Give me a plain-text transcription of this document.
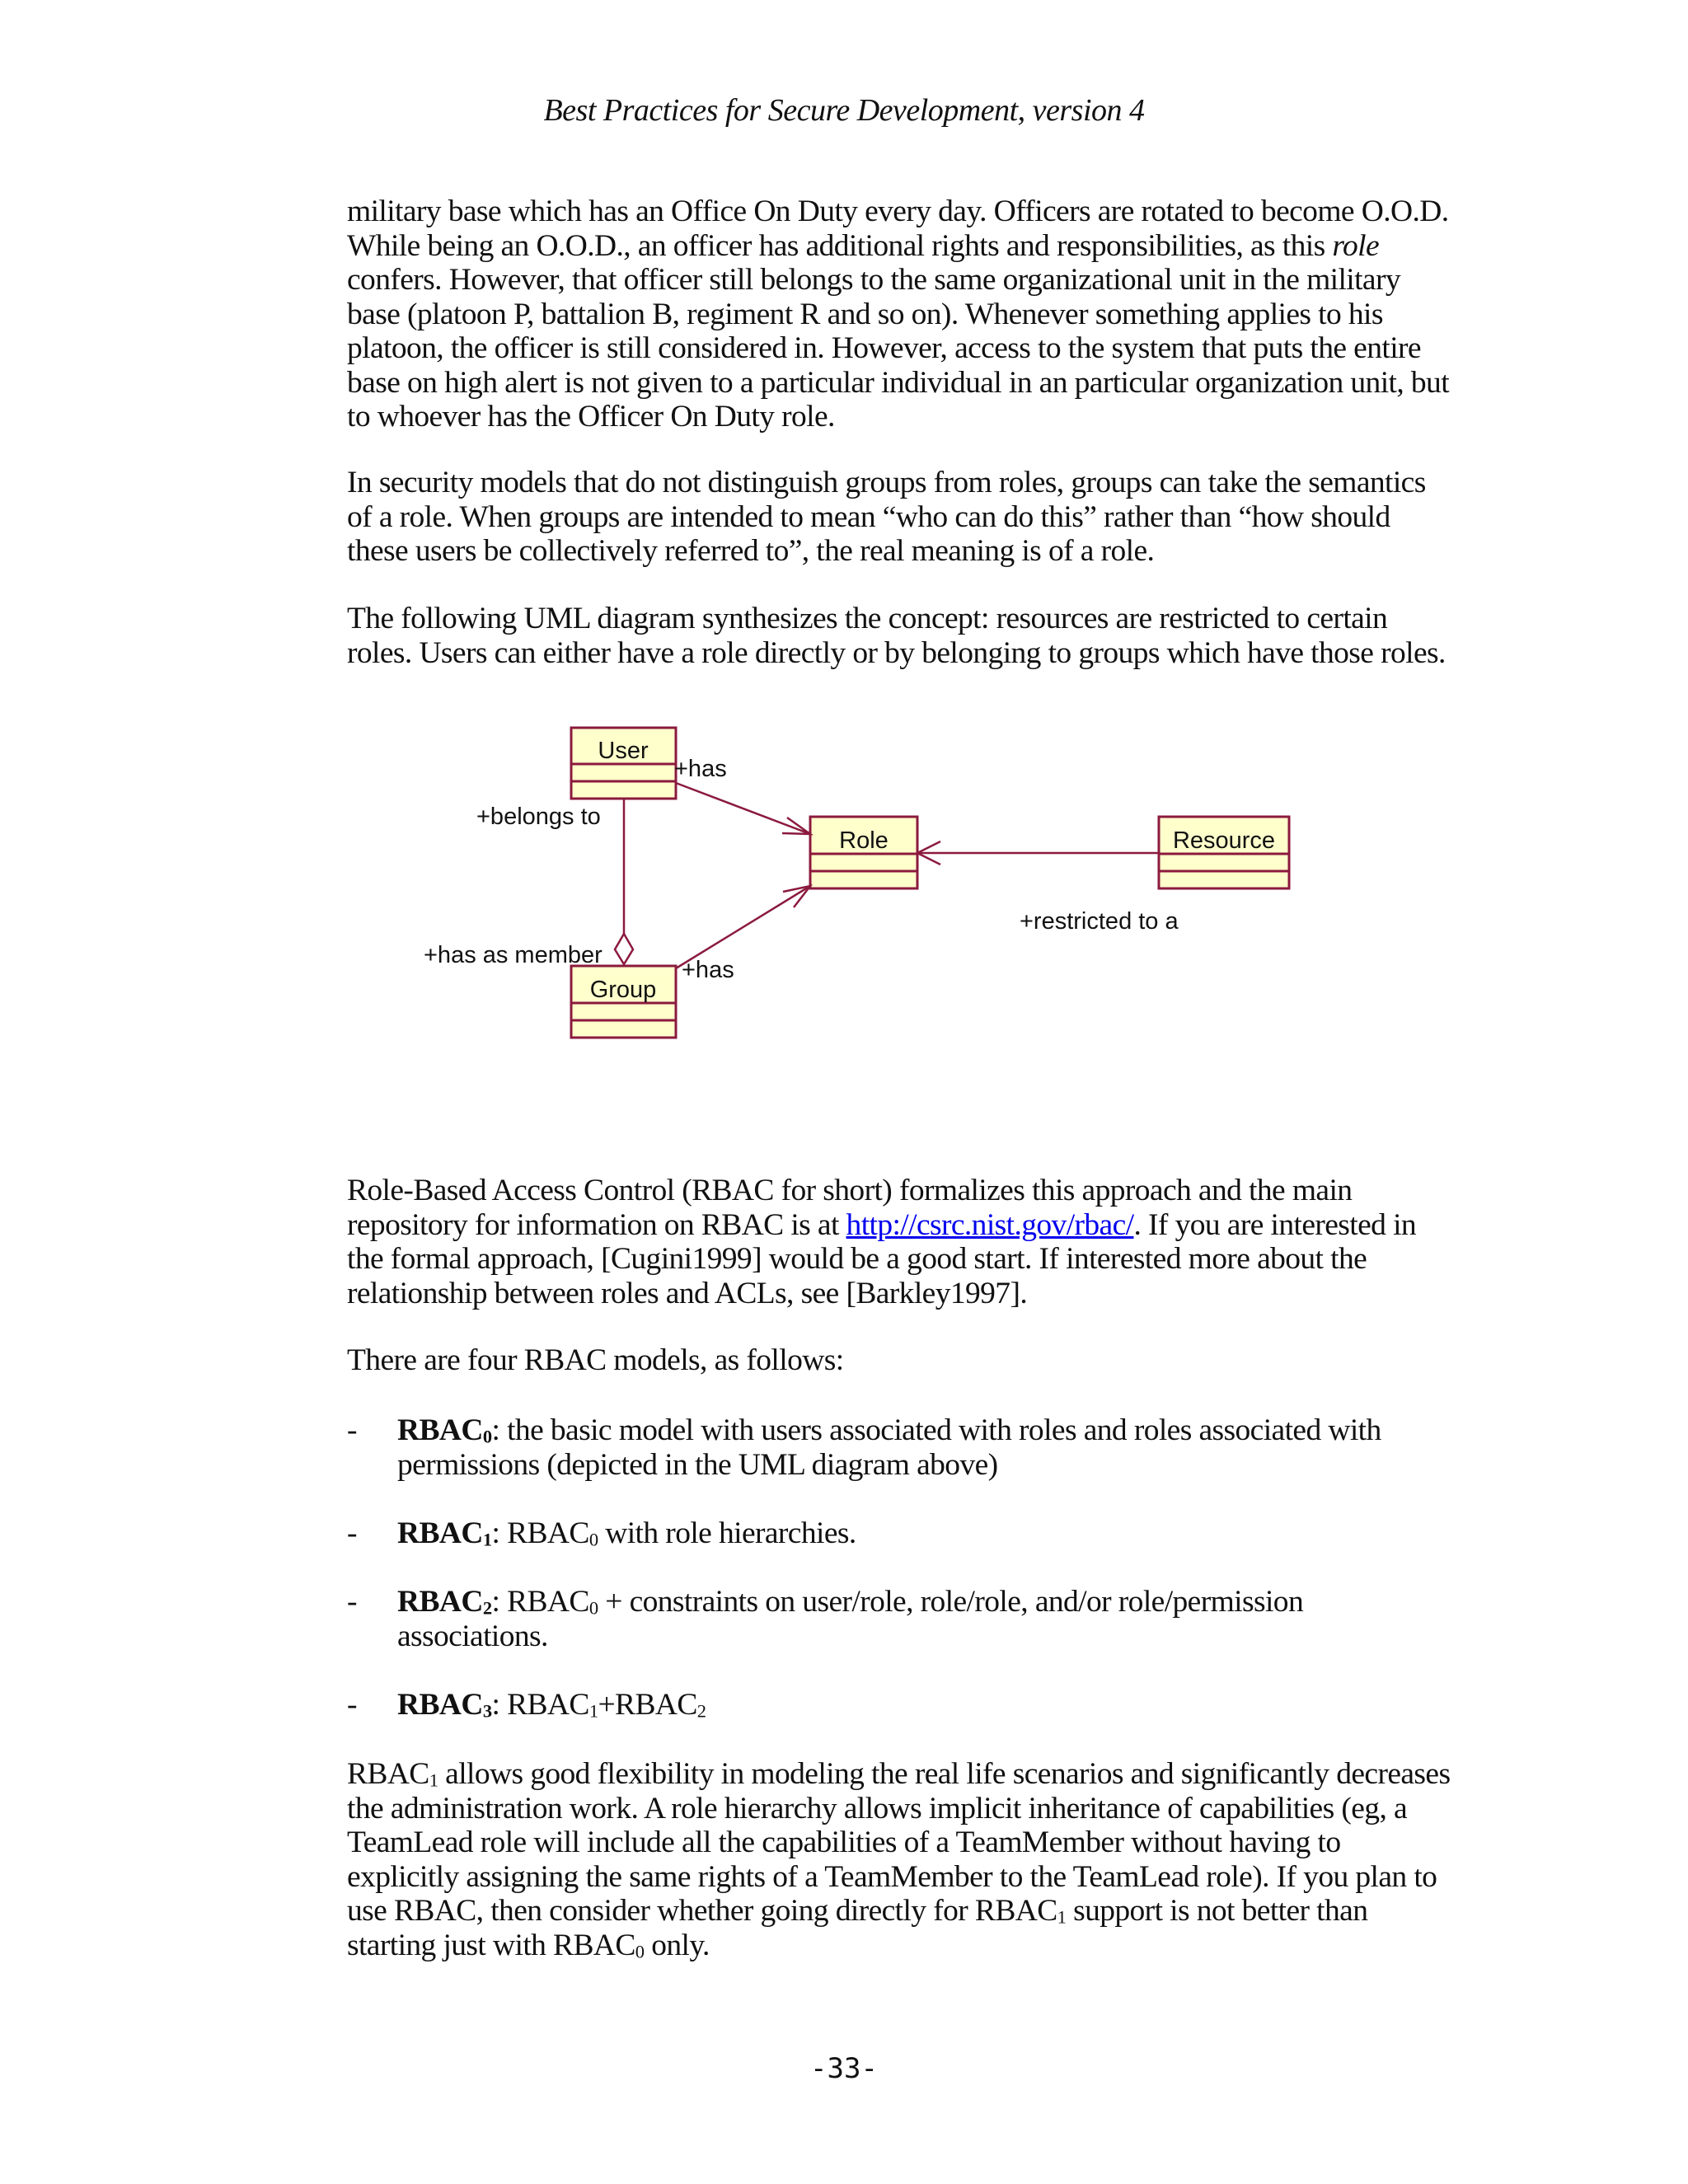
Best Practices for Secure Development, version 4

military base which has an Office On Duty every day. Officers are rotated to become O.O.D. While being an O.O.D., an officer has additional rights and responsibilities, as this role confers. However, that officer still belongs to the same organizational unit in the military base (platoon P, battalion B, regiment R and so on). Whenever something applies to his platoon, the officer is still considered in. However, access to the system that puts the entire base on high alert is not given to a particular individual in an particular organization unit, but to whoever has the Officer On Duty role.

In security models that do not distinguish groups from roles, groups can take the semantics of a role. When groups are intended to mean “who can do this” rather than “how should these users be collectively referred to”, the real meaning is of a role.

The following UML diagram synthesizes the concept: resources are restricted to certain roles. Users can either have a role directly or by belonging to groups which have those roles.

User
Role	Resource
Group
+has
+belongs to
+restricted to a
+has as member
+has

Role-Based Access Control (RBAC for short) formalizes this approach and the main repository for information on RBAC is at http://csrc.nist.gov/rbac/. If you are interested in the formal approach, [Cugini1999] would be a good start. If interested more about the relationship between roles and ACLs, see [Barkley1997].

There are four RBAC models, as follows:

- $RBAC_0$: the basic model with users associated with roles and roles associated with permissions (depicted in the UML diagram above)

- $RBAC_1$: $RBAC_0$ with role hierarchies.

- $RBAC_2$: $RBAC_0$ + constraints on user/role, role/role, and/or role/permission associations.

- $RBAC_3$: $RBAC_1+RBAC_2$

$RBAC_1$ allows good flexibility in modeling the real life scenarios and significantly decreases the administration work. A role hierarchy allows implicit inheritance of capabilities (eg, a TeamLead role will include all the capabilities of a TeamMember without having to explicitly assigning the same rights of a TeamMember to the TeamLead role). If you plan to use RBAC, then consider whether going directly for $RBAC_1$ support is not better than starting just with $RBAC_0$ only.

-33-
